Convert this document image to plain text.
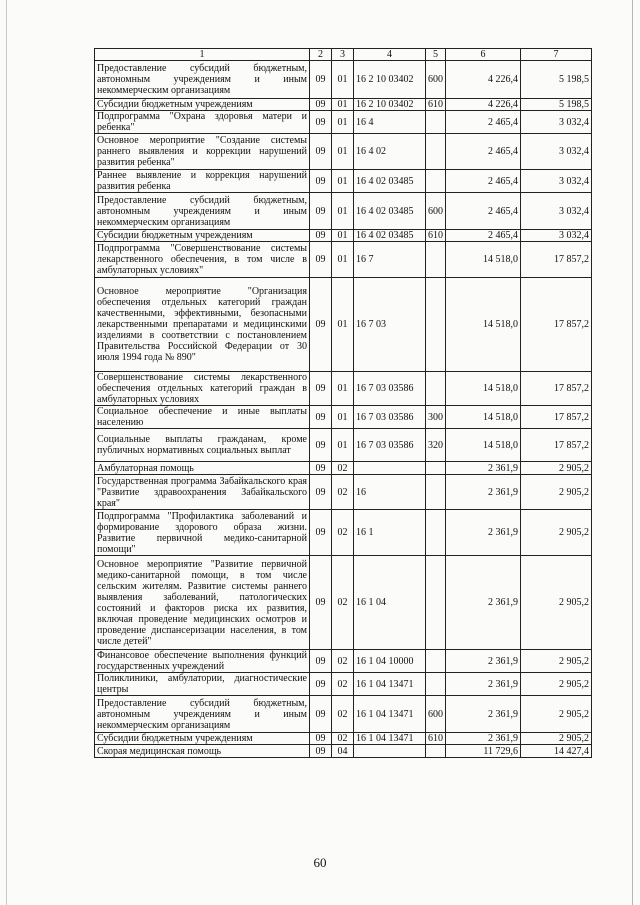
1	2	3	4	5	6	7
Предоставление субсидий бюджетным, автономным учреждениям и иным некоммерческим организациям	09	01	16 2 10 03402	600	4 226,4	5 198,5
Субсидии бюджетным учреждениям	09	01	16 2 10 03402	610	4 226,4	5 198,5
Подпрограмма "Охрана здоровья матери и ребенка"	09	01	16 4		2 465,4	3 032,4
Основное мероприятие "Создание системы раннего выявления и коррекции нарушений развития ребенка"	09	01	16 4 02		2 465,4	3 032,4
Раннее выявление и коррекция нарушений развития ребенка	09	01	16 4 02 03485		2 465,4	3 032,4
Предоставление субсидий бюджетным, автономным учреждениям и иным некоммерческим организациям	09	01	16 4 02 03485	600	2 465,4	3 032,4
Субсидии бюджетным учреждениям	09	01	16 4 02 03485	610	2 465,4	3 032,4
Подпрограмма "Совершенствование системы лекарственного обеспечения, в том числе в амбулаторных условиях"	09	01	16 7		14 518,0	17 857,2
Основное мероприятие "Организация обеспечения отдельных категорий граждан качественными, эффективными, безопасными лекарственными препаратами и медицинскими изделиями в соответствии с постановлением Правительства Российской Федерации от 30 июля 1994 года № 890"	09	01	16 7 03		14 518,0	17 857,2
Совершенствование системы лекарственного обеспечения отдельных категорий граждан в амбулаторных условиях	09	01	16 7 03 03586		14 518,0	17 857,2
Социальное обеспечение и иные выплаты населению	09	01	16 7 03 03586	300	14 518,0	17 857,2
Социальные выплаты гражданам, кроме публичных нормативных социальных выплат	09	01	16 7 03 03586	320	14 518,0	17 857,2
Амбулаторная помощь	09	02			2 361,9	2 905,2
Государственная программа Забайкальского края "Развитие здравоохранения Забайкальского края"	09	02	16		2 361,9	2 905,2
Подпрограмма "Профилактика заболеваний и формирование здорового образа жизни. Развитие первичной медико-санитарной помощи"	09	02	16 1		2 361,9	2 905,2
Основное мероприятие "Развитие первичной медико-санитарной помощи, в том числе сельским жителям. Развитие системы раннего выявления заболеваний, патологических состояний и факторов риска их развития, включая проведение медицинских осмотров и проведение диспансеризации населения, в том числе детей"	09	02	16 1 04		2 361,9	2 905,2
Финансовое обеспечение выполнения функций государственных учреждений	09	02	16 1 04 10000		2 361,9	2 905,2
Поликлиники, амбулатории, диагностические центры	09	02	16 1 04 13471		2 361,9	2 905,2
Предоставление субсидий бюджетным, автономным учреждениям и иным некоммерческим организациям	09	02	16 1 04 13471	600	2 361,9	2 905,2
Субсидии бюджетным учреждениям	09	02	16 1 04 13471	610	2 361,9	2 905,2
Скорая медицинская помощь	09	04			11 729,6	14 427,4
60
